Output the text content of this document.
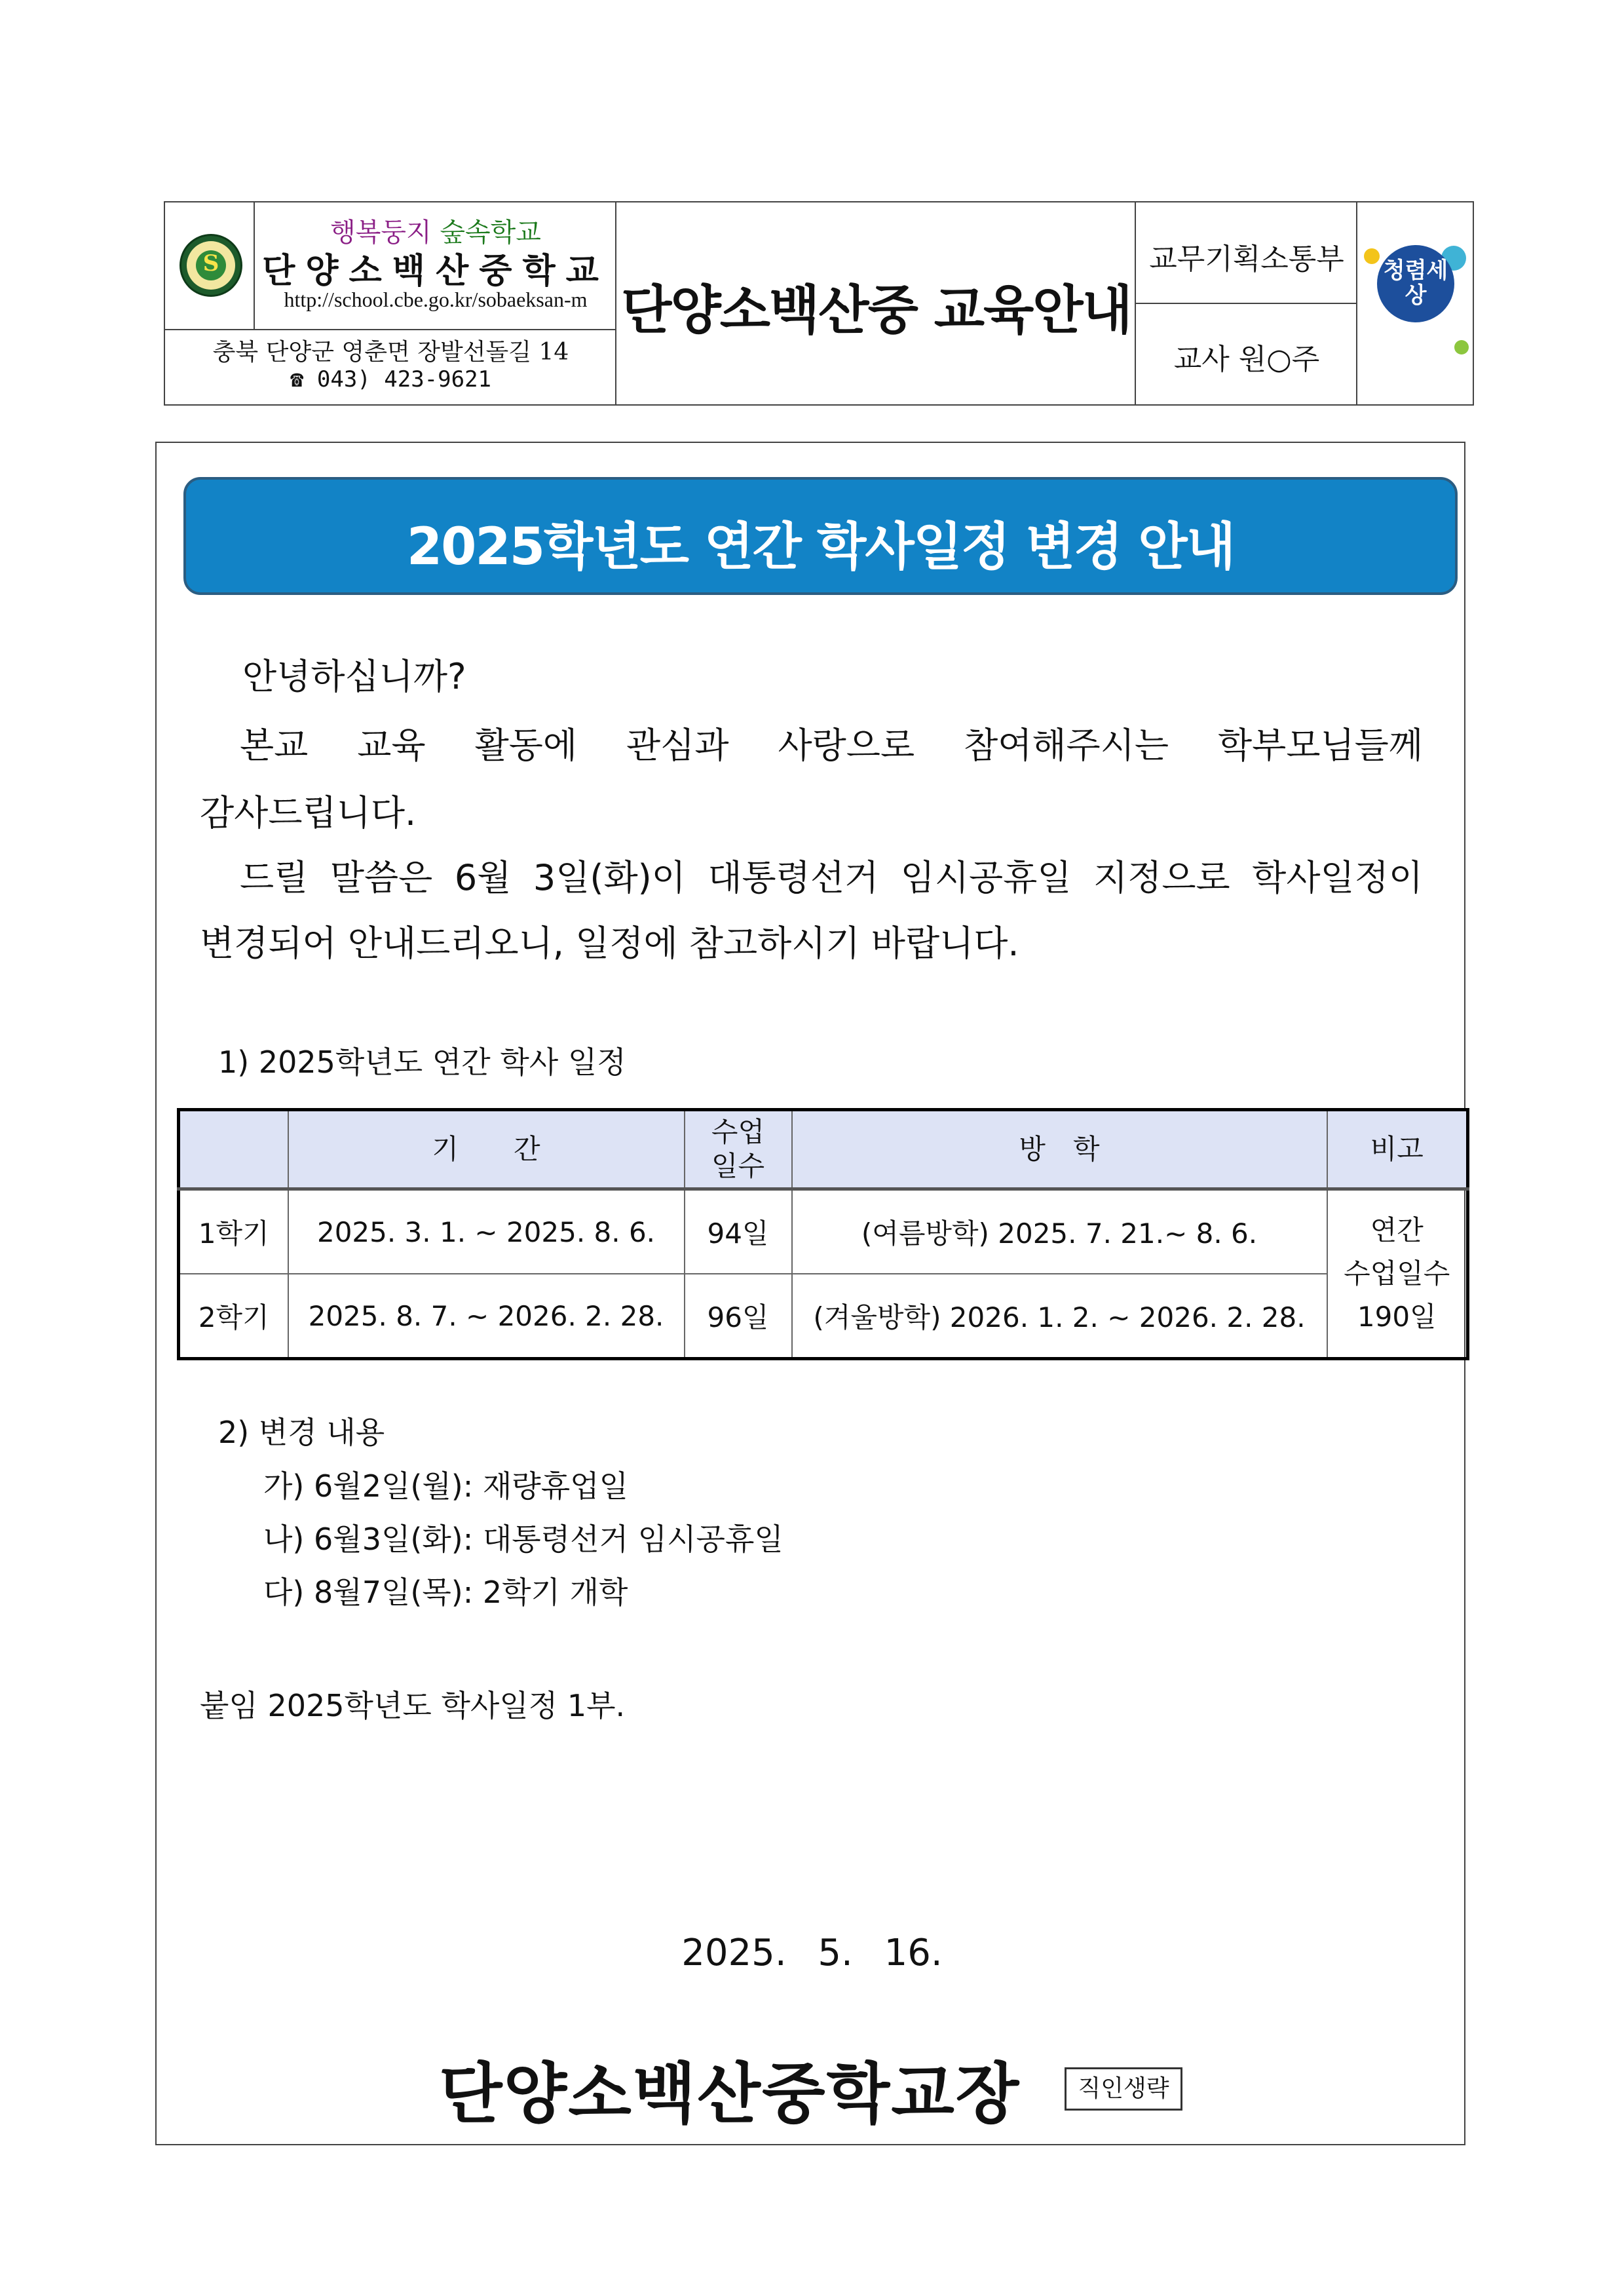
S
행복둥지 숲속학교
단양소백산중학교
http://school.cbe.go.kr/sobaeksan-m
충북 단양군 영춘면 장발선돌길 14
☎ 043) 423-9621
단양소백산중 교육안내
교무기획소통부
교사 원○주
청렴세상
2025학년도 연간 학사일정 변경 안내
안녕하십니까?
본교 교육 활동에 관심과 사랑으로 참여해주시는 학부모님들께
감사드립니다.
드릴 말씀은 6월 3일(화)이 대통령선거 임시공휴일 지정으로 학사일정이
변경되어 안내드리오니, 일정에 참고하시기 바랍니다.
1) 2025학년도 연간 학사 일정
	기　　간	수업
일수	방　학	비고
1학기	2025. 3. 1. ~ 2025. 8. 6.	94일	(여름방학) 2025. 7. 21.~ 8. 6.	연간
수업일수
190일

2학기	2025. 8. 7. ~ 2026. 2. 28.	96일	(겨울방학) 2026. 1. 2. ~ 2026. 2. 28.	
2) 변경 내용
가) 6월2일(월): 재량휴업일
나) 6월3일(화): 대통령선거 임시공휴일
다) 8월7일(목): 2학기 개학
붙임 2025학년도 학사일정 1부.
2025. 5. 16.
단양소백산중학교장	직인생략
